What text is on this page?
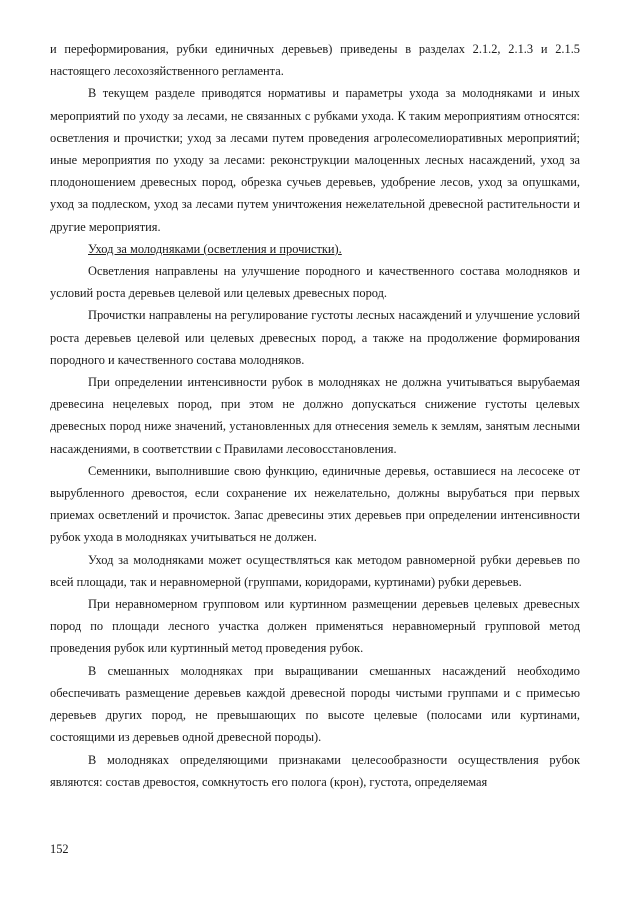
и переформирования, рубки единичных деревьев) приведены в разделах 2.1.2, 2.1.3 и 2.1.5 настоящего лесохозяйственного регламента.

В текущем разделе приводятся нормативы и параметры ухода за молодняками и иных мероприятий по уходу за лесами, не связанных с рубками ухода. К таким мероприятиям относятся: осветления и прочистки; уход за лесами путем проведения агролесомелиоративных мероприятий; иные мероприятия по уходу за лесами: реконструкции малоценных лесных насаждений, уход за плодоношением древесных пород, обрезка сучьев деревьев, удобрение лесов, уход за опушками, уход за подлеском, уход за лесами путем уничтожения нежелательной древесной растительности и другие мероприятия.

Уход за молодняками (осветления и прочистки).

Осветления направлены на улучшение породного и качественного состава молодняков и условий роста деревьев целевой или целевых древесных пород.

Прочистки направлены на регулирование густоты лесных насаждений и улучшение условий роста деревьев целевой или целевых древесных пород, а также на продолжение формирования породного и качественного состава молодняков.

При определении интенсивности рубок в молодняках не должна учитываться вырубаемая древесина нецелевых пород, при этом не должно допускаться снижение густоты целевых древесных пород ниже значений, установленных для отнесения земель к землям, занятым лесными насаждениями, в соответствии с Правилами лесовосстановления.

Семенники, выполнившие свою функцию, единичные деревья, оставшиеся на лесосеке от вырубленного древостоя, если сохранение их нежелательно, должны вырубаться при первых приемах осветлений и прочисток. Запас древесины этих деревьев при определении интенсивности рубок ухода в молодняках учитываться не должен.

Уход за молодняками может осуществляться как методом равномерной рубки деревьев по всей площади, так и неравномерной (группами, коридорами, куртинами) рубки деревьев.

При неравномерном групповом или куртинном размещении деревьев целевых древесных пород по площади лесного участка должен применяться неравномерный групповой метод проведения рубок или куртинный метод проведения рубок.

В смешанных молодняках при выращивании смешанных насаждений необходимо обеспечивать размещение деревьев каждой древесной породы чистыми группами и с примесью деревьев других пород, не превышающих по высоте целевые (полосами или куртинами, состоящими из деревьев одной древесной породы).

В молодняках определяющими признаками целесообразности осуществления рубок являются: состав древостоя, сомкнутость его полога (крон), густота, определяемая

152
